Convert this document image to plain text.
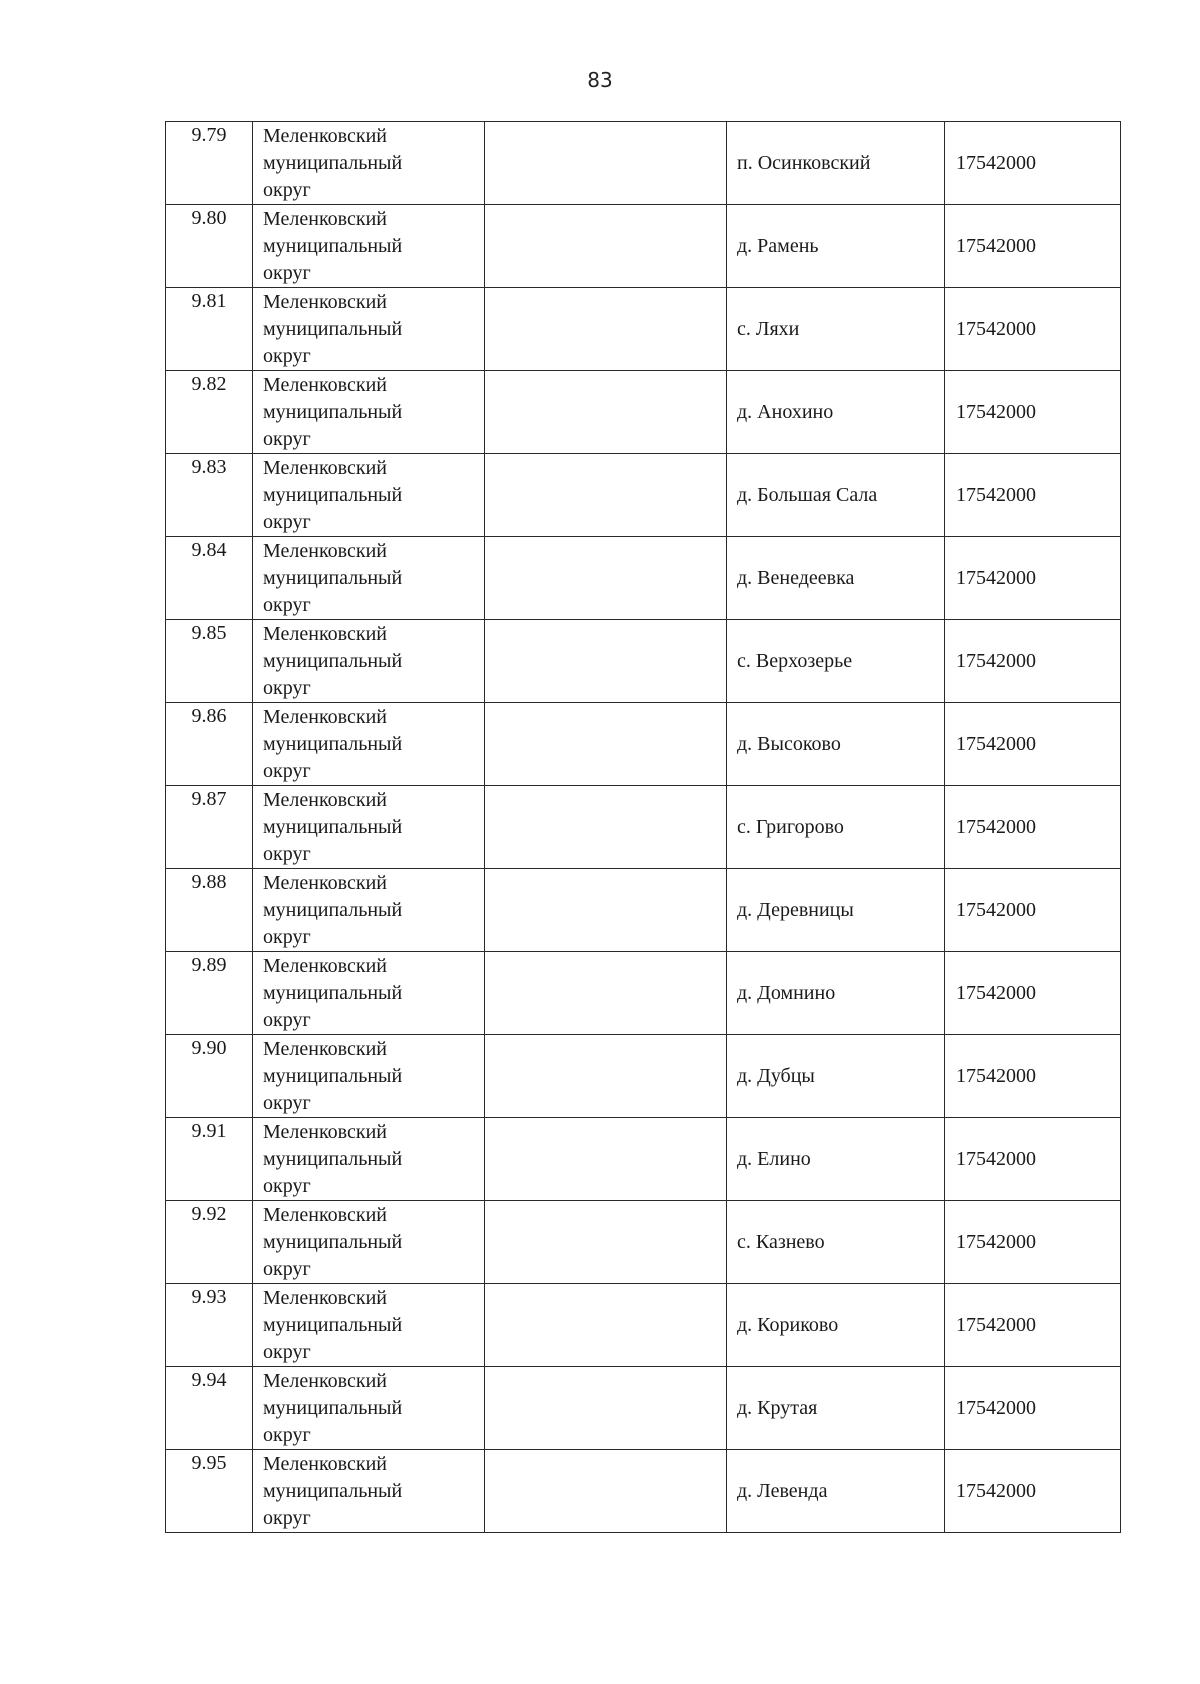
83
9.79	Меленковский
муниципальный
округ		п. Осинковский	17542000
9.80	Меленковский
муниципальный
округ		д. Рамень	17542000
9.81	Меленковский
муниципальный
округ		с. Ляхи	17542000
9.82	Меленковский
муниципальный
округ		д. Анохино	17542000
9.83	Меленковский
муниципальный
округ		д. Большая Сала	17542000
9.84	Меленковский
муниципальный
округ		д. Венедеевка	17542000
9.85	Меленковский
муниципальный
округ		с. Верхозерье	17542000
9.86	Меленковский
муниципальный
округ		д. Высоково	17542000
9.87	Меленковский
муниципальный
округ		с. Григорово	17542000
9.88	Меленковский
муниципальный
округ		д. Деревницы	17542000
9.89	Меленковский
муниципальный
округ		д. Домнино	17542000
9.90	Меленковский
муниципальный
округ		д. Дубцы	17542000
9.91	Меленковский
муниципальный
округ		д. Елино	17542000
9.92	Меленковский
муниципальный
округ		с. Казнево	17542000
9.93	Меленковский
муниципальный
округ		д. Кориково	17542000
9.94	Меленковский
муниципальный
округ		д. Крутая	17542000
9.95	Меленковский
муниципальный
округ		д. Левенда	17542000
